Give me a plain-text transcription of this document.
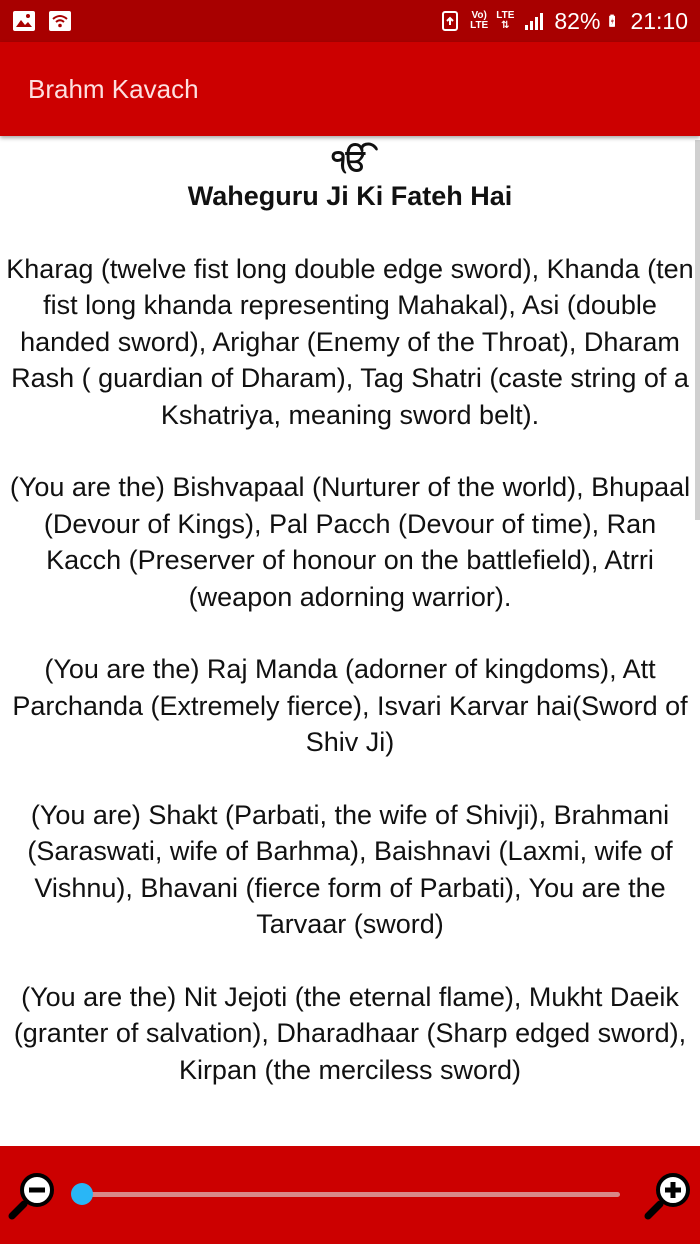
Vo)
LTE
LTE
⇅ 82% 21:10
Brahm Kavach
ੴ
Waheguru Ji Ki Fateh Hai

Kharag (twelve fist long double edge sword), Khanda (ten fist long khanda representing Mahakal), Asi (double handed sword), Arighar (Enemy of the Throat), Dharam Rash ( guardian of Dharam), Tag Shatri (caste string of a Kshatriya, meaning sword belt).

(You are the) Bishvapaal (Nurturer of the world), Bhupaal (Devour of Kings), Pal Pacch (Devour of time), Ran Kacch (Preserver of honour on the battlefield), Atrri (weapon adorning warrior).

(You are the) Raj Manda (adorner of kingdoms), Att Parchanda (Extremely fierce), Isvari Karvar hai(Sword of Shiv Ji)

(You are) Shakt (Parbati, the wife of Shivji), Brahmani (Saraswati, wife of Barhma), Baishnavi (Laxmi, wife of Vishnu), Bhavani (fierce form of Parbati), You are the Tarvaar (sword)

(You are the) Nit Jejoti (the eternal flame), Mukht Daeik (granter of salvation), Dharadhaar (Sharp edged sword), Kirpan (the merciless sword)
